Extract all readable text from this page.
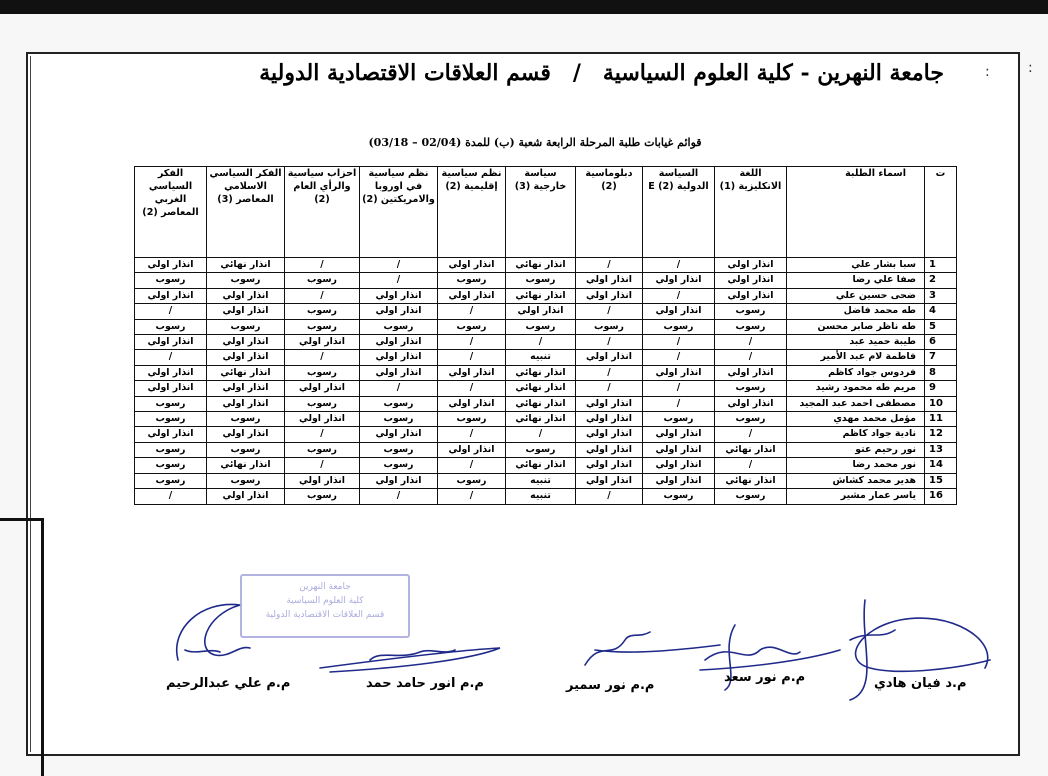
:
:
جامعة النهرين - كلية العلوم السياسية/قسم العلاقات الاقتصادية الدولية
قوائم غيابات طلبة المرحلة الرابعة شعبة (ب) للمدة (02/04 – 03/18)
ت	اسماء الطلبة	اللغة الانكليزية (1)	السياسة الدولية E (2)	دبلوماسية (2)	سياسة خارجية (3)	نظم سياسية إقليمية (2)	نظم سياسية في اوروبا والامريكتين (2)	احزاب سياسية والرأي العام (2)	الفكر السياسي الاسلامي المعاصر (3)	الفكر السياسي الغربي المعاصر (2)
1	سبا بشار علي	انذار اولي	/	/	انذار نهائي	انذار اولي	/	/	انذار نهائي	انذار اولي
2	صفا علي رضا	انذار اولي	انذار اولي	انذار اولي	رسوب	رسوب	/	رسوب	رسوب	رسوب
3	ضحى حسين علي	انذار اولي	/	انذار اولي	انذار نهائي	انذار اولي	انذار اولي	/	انذار اولي	انذار اولي
4	طه محمد فاضل	رسوب	انذار اولي	/	انذار اولي	/	انذار اولي	رسوب	انذار اولي	/
5	طه ناظر صابر محسن	رسوب	رسوب	رسوب	رسوب	رسوب	رسوب	رسوب	رسوب	رسوب
6	طيبة حميد عبد	/	/	/	/	/	انذار اولي	انذار اولي	انذار اولي	انذار اولي
7	فاطمة لام عبد الأمير	/	/	انذار اولي	تنبيه	/	انذار اولي	/	انذار اولي	/
8	فردوس جواد كاظم	انذار اولي	انذار اولي	/	انذار نهائي	انذار اولي	انذار اولي	رسوب	انذار نهائي	انذار اولي
9	مريم طه محمود رشيد	رسوب	/	/	انذار نهائي	/	/	انذار اولي	انذار اولي	انذار اولي
10	مصطفى احمد عبد المجيد	انذار اولي	/	انذار اولي	انذار نهائي	انذار اولي	رسوب	رسوب	انذار اولي	رسوب
11	مؤمل محمد مهدي	رسوب	رسوب	انذار اولي	انذار نهائي	رسوب	رسوب	انذار اولي	رسوب	رسوب
12	نادية جواد كاظم	/	انذار اولي	انذار اولي	/	/	انذار اولي	/	انذار اولي	انذار اولي
13	نور رحيم عتو	انذار نهائي	انذار اولي	انذار اولي	رسوب	انذار اولي	رسوب	رسوب	رسوب	رسوب
14	نور محمد رضا	/	انذار اولي	انذار اولي	انذار نهائي	/	رسوب	/	انذار نهائي	رسوب
15	هدير محمد كشاش	انذار نهائي	انذار اولي	انذار اولي	تنبيه	رسوب	انذار اولي	انذار اولي	رسوب	رسوب
16	ياسر عمار مشير	رسوب	رسوب	/	تنبيه	/	/	رسوب	انذار اولي	/
جامعة النهرين
كلية العلوم السياسية
قسم العلاقات الاقتصادية الدولية
م.د فيان هادي
م.م نور سعد
م.م نور سمير
م.م انور حامد حمد
م.م علي عبدالرحيم
